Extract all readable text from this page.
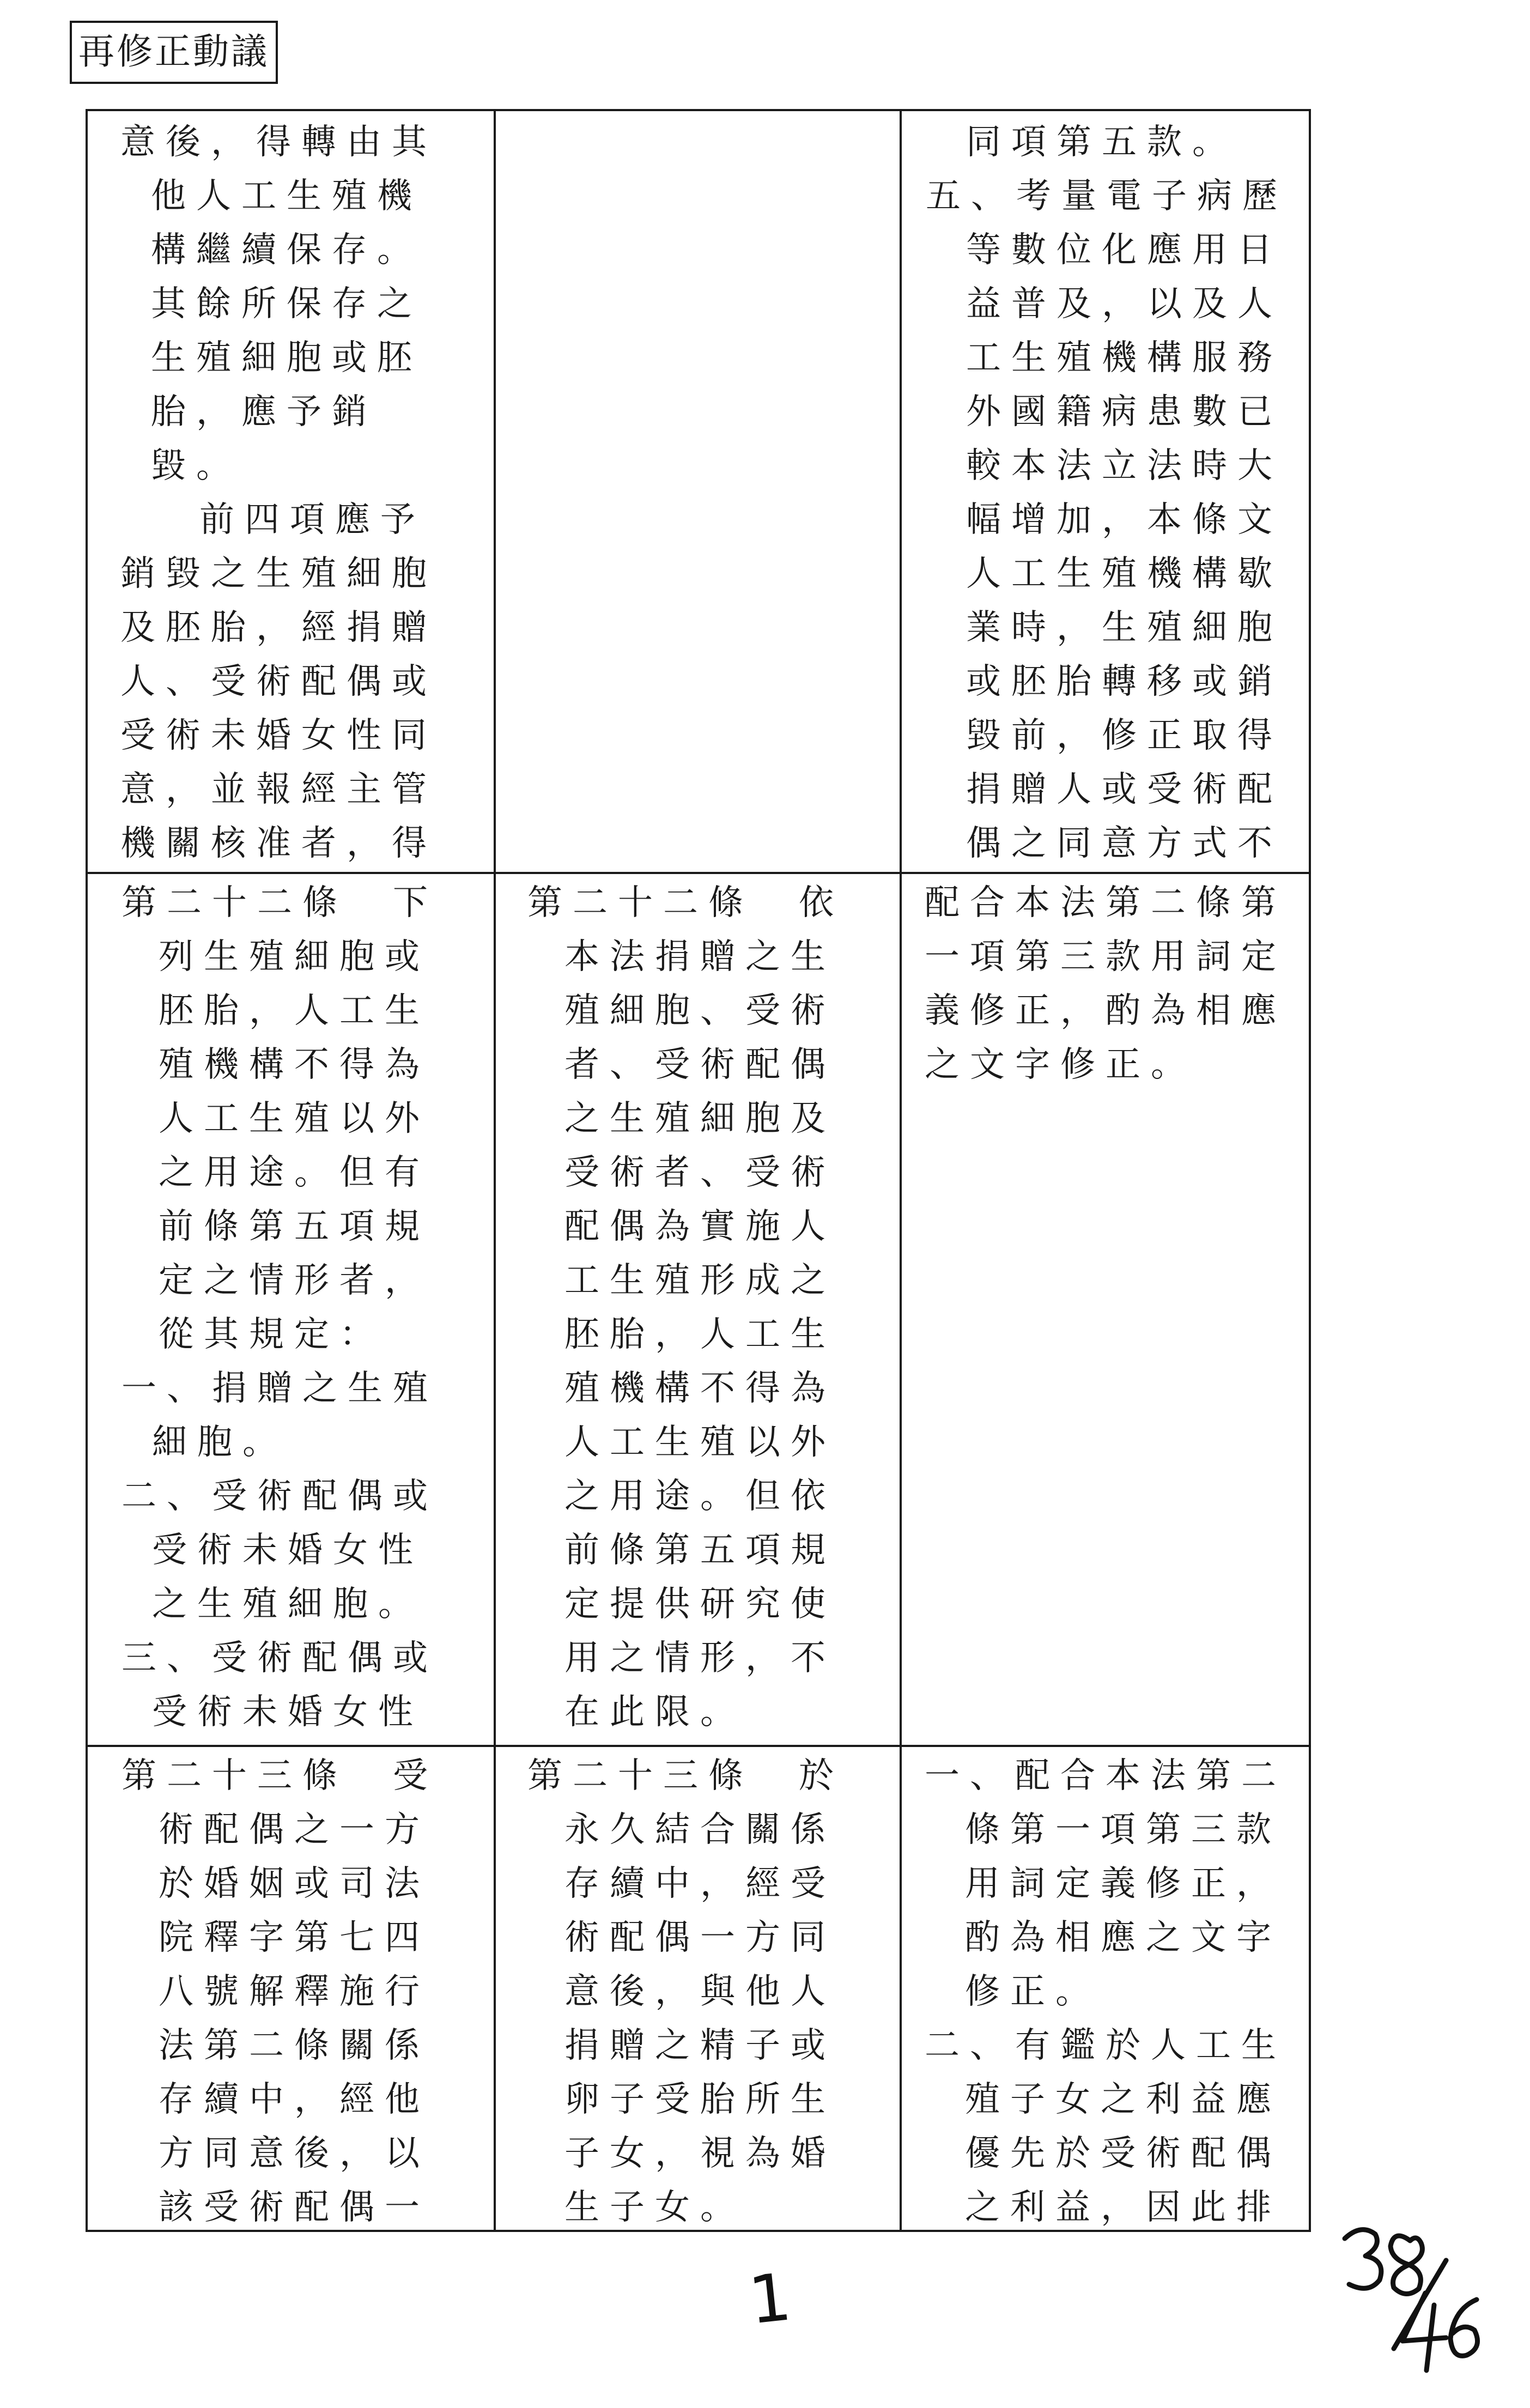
再修正動議

意後，得轉由其他人工生殖機構繼續保存。其餘所保存之生殖細胞或胚胎，應予銷毀。

前四項應予銷毀之生殖細胞及胚胎，經捐贈人、受術配偶或受術未婚女性同意，並報經主管機關核准者，得

同項第五款。

五、考量電子病歷等數位化應用日益普及，以及人工生殖機構服務外國籍病患數已較本法立法時大幅增加，本條文人工生殖機構歇業時，生殖細胞或胚胎轉移或銷毀前，修正取得捐贈人或受術配偶之同意方式不

第二十二條　下列生殖細胞或胚胎，人工生殖機構不得為人工生殖以外之用途。但有前條第五項規定之情形者，從其規定：

一、捐贈之生殖細胞。

二、受術配偶或受術未婚女性之生殖細胞。

三、受術配偶或受術未婚女性

第二十二條　依本法捐贈之生殖細胞、受術者、受術配偶之生殖細胞及受術者、受術配偶為實施人工生殖形成之胚胎，人工生殖機構不得為人工生殖以外之用途。但依前條第五項規定提供研究使用之情形，不在此限。

配合本法第二條第一項第三款用詞定義修正，酌為相應之文字修正。

第二十三條　受術配偶之一方於婚姻或司法院釋字第七四八號解釋施行法第二條關係存續中，經他方同意後，以該受術配偶一

第二十三條　於永久結合關係存續中，經受術配偶一方同意後，與他人捐贈之精子或卵子受胎所生子女，視為婚生子女。

一、配合本法第二條第一項第三款用詞定義修正，酌為相應之文字修正。

二、有鑑於人工生殖子女之利益應優先於受術配偶之利益，因此排

1
